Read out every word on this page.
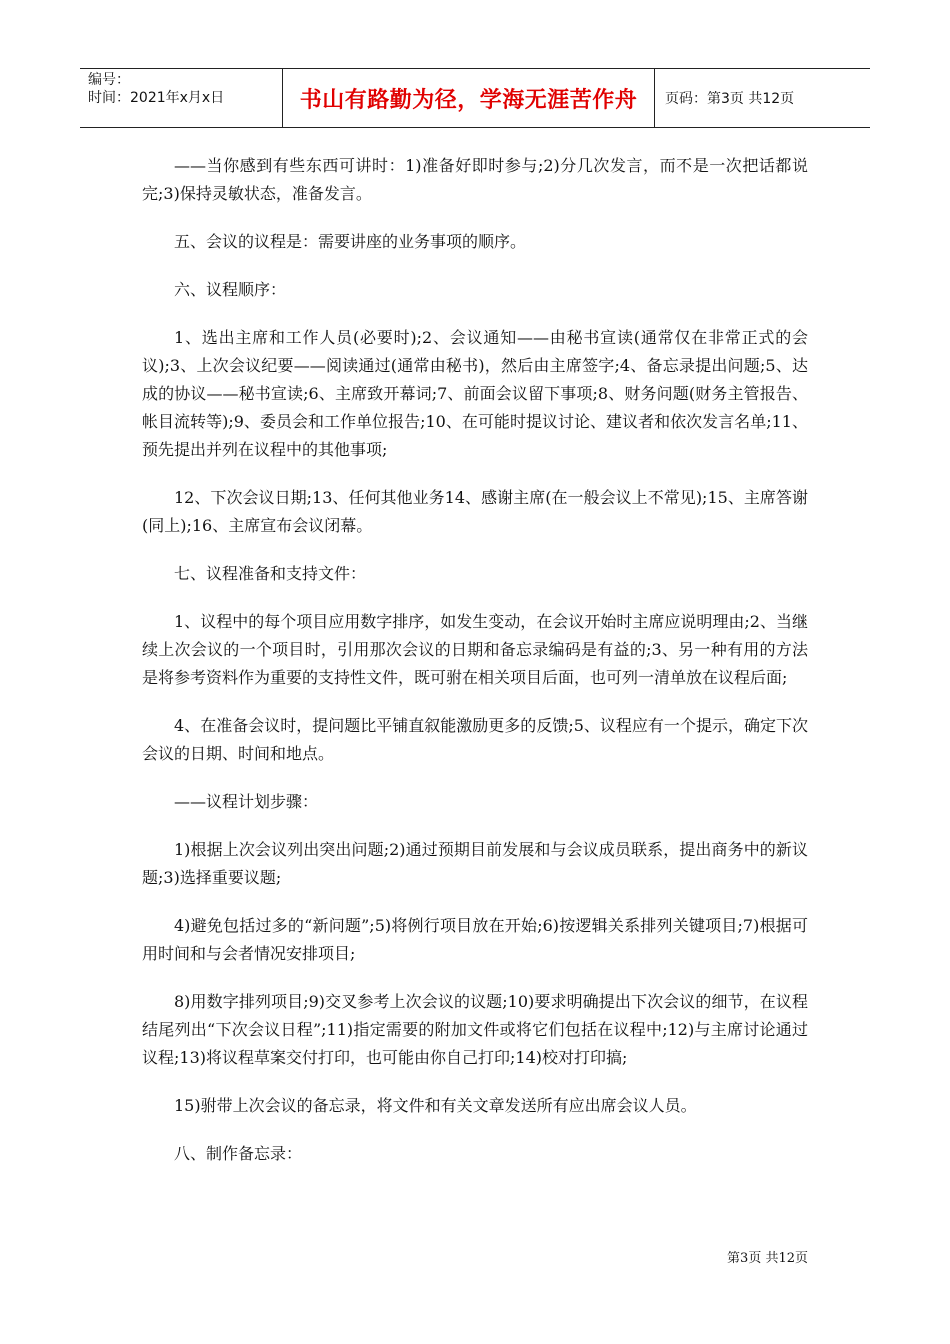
编号：
时间：2021年x月x日	书山有路勤为径，学海无涯苦作舟	页码：第3页 共12页

——当你感到有些东西可讲时：1)准备好即时参与;2)分几次发言，而不是一次把话都说完;3)保持灵敏状态，准备发言。

五、会议的议程是：需要讲座的业务事项的顺序。

六、议程顺序：

1、选出主席和工作人员(必要时);2、会议通知——由秘书宣读(通常仅在非常正式的会议);3、上次会议纪要——阅读通过(通常由秘书)，然后由主席签字;4、备忘录提出问题;5、达成的协议——秘书宣读;6、主席致开幕词;7、前面会议留下事项;8、财务问题(财务主管报告、帐目流转等);9、委员会和工作单位报告;10、在可能时提议讨论、建议者和依次发言名单;11、预先提出并列在议程中的其他事项;

12、下次会议日期;13、任何其他业务14、感谢主席(在一般会议上不常见);15、主席答谢(同上);16、主席宣布会议闭幕。

七、议程准备和支持文件：

1、议程中的每个项目应用数字排序，如发生变动，在会议开始时主席应说明理由;2、当继续上次会议的一个项目时，引用那次会议的日期和备忘录编码是有益的;3、另一种有用的方法是将参考资料作为重要的支持性文件，既可驸在相关项目后面，也可列一清单放在议程后面;

4、在准备会议时，提问题比平铺直叙能激励更多的反馈;5、议程应有一个提示，确定下次会议的日期、时间和地点。

——议程计划步骤：

1)根据上次会议列出突出问题;2)通过预期目前发展和与会议成员联系，提出商务中的新议题;3)选择重要议题;

4)避免包括过多的“新问题”;5)将例行项目放在开始;6)按逻辑关系排列关键项目;7)根据可用时间和与会者情况安排项目;

8)用数字排列项目;9)交叉参考上次会议的议题;10)要求明确提出下次会议的细节，在议程结尾列出“下次会议日程”;11)指定需要的附加文件或将它们包括在议程中;12)与主席讨论通过议程;13)将议程草案交付打印，也可能由你自己打印;14)校对打印搞;

15)驸带上次会议的备忘录，将文件和有关文章发送所有应出席会议人员。

八、制作备忘录：

第3页 共12页
